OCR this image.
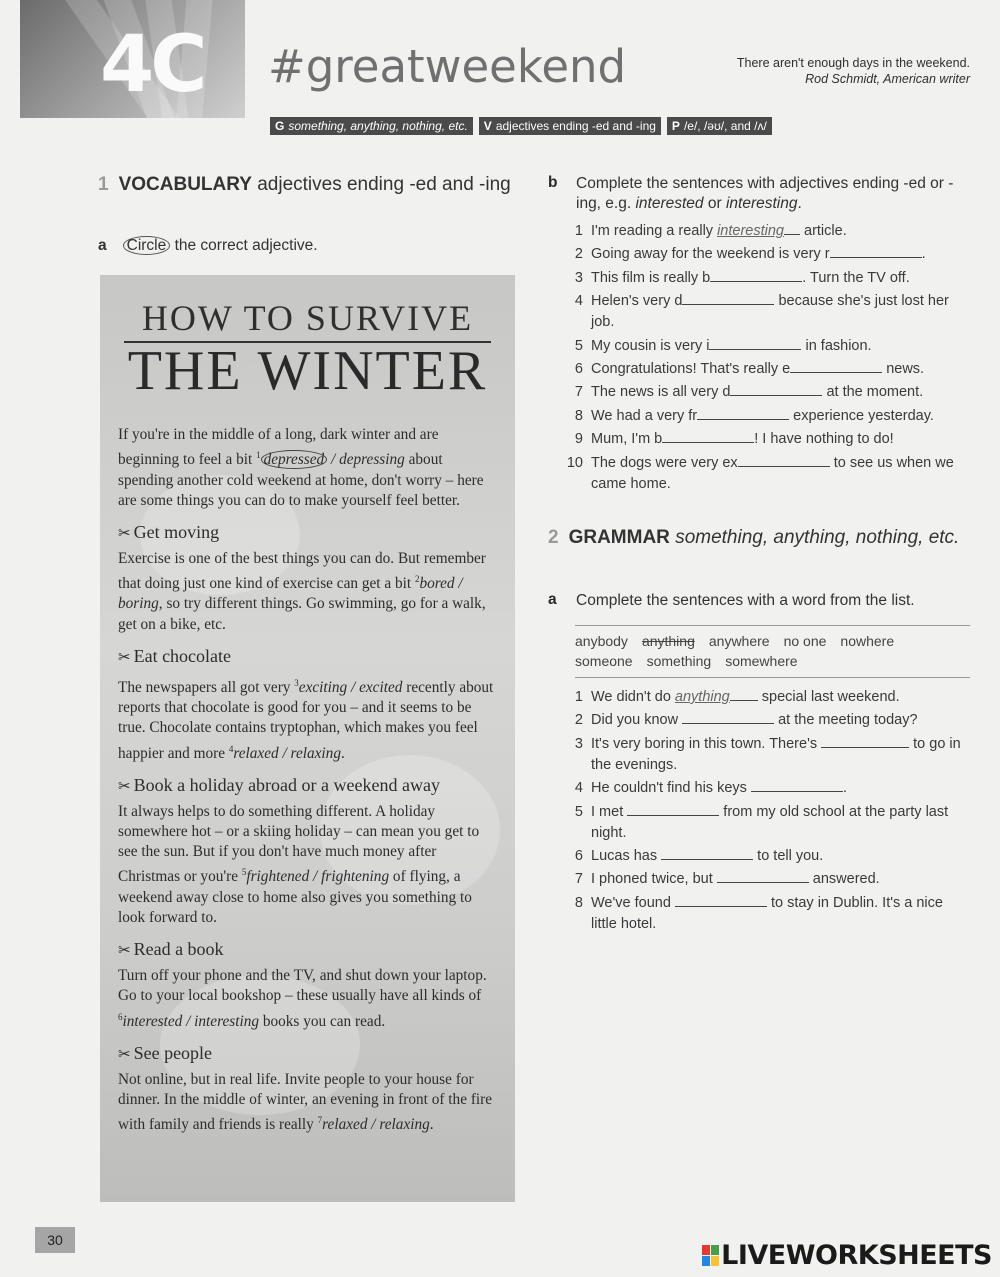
4C #greatweekend	There aren't enough days in the weekend.
Rod Schmidt, American writer
G something, anything, nothing, etc.	V adjectives ending -ed and -ing	P /e/, /əʊ/, and /ʌ/
1 VOCABULARY adjectives ending -ed and -ing
a Circle the correct adjective.
HOW TO SURVIVE
THE WINTER

If you're in the middle of a long, dark winter and are beginning to feel a bit $^1$ depressed / depressing about spending another cold weekend at home, don't worry – here are some things you can do to make yourself feel better.

✂ Get moving

Exercise is one of the best things you can do. But remember that doing just one kind of exercise can get a bit $^2$bored / boring, so try different things. Go swimming, go for a walk, get on a bike, etc.

✂ Eat chocolate

The newspapers all got very $^3$exciting / excited recently about reports that chocolate is good for you – and it seems to be true. Chocolate contains tryptophan, which makes you feel happier and more $^4$relaxed / relaxing.

✂ Book a holiday abroad or a weekend away

It always helps to do something different. A holiday somewhere hot – or a skiing holiday – can mean you get to see the sun. But if you don't have much money after Christmas or you're $^5$frightened / frightening of flying, a weekend away close to home also gives you something to look forward to.

✂ Read a book

Turn off your phone and the TV, and shut down your laptop. Go to your local bookshop – these usually have all kinds of $^6$interested / interesting books you can read.

✂ See people

Not online, but in real life. Invite people to your house for dinner. In the middle of winter, an evening in front of the fire with family and friends is really $^7$relaxed / relaxing.

b Complete the sentences with adjectives ending -ed or -ing, e.g. interested or interesting.
1 I'm reading a really interesting article.
2 Going away for the weekend is very r	.
3 This film is really b	. Turn the TV off.
4 Helen's very d	because she's just lost her job.
5 My cousin is very i	in fashion.
6 Congratulations! That's really e	news.
7 The news is all very d	at the moment.
8 We had a very fr	experience yesterday.
9 Mum, I'm b	! I have nothing to do!
10 The dogs were very ex	to see us when we came home.
2 GRAMMAR something, anything, nothing, etc.
a Complete the sentences with a word from the list.
anybody anything anywhere no one nowhere
someone something somewhere
1 We didn't do anything special last weekend.
2 Did you know	at the meeting today?
3 It's very boring in this town. There's	to go in the evenings.
4 He couldn't find his keys	.
5 I met	from my old school at the party last night.
6 Lucas has	to tell you.
7 I phoned twice, but	answered.
8 We've found	to stay in Dublin. It's a nice little hotel.
30	LIVEWORKSHEETS
